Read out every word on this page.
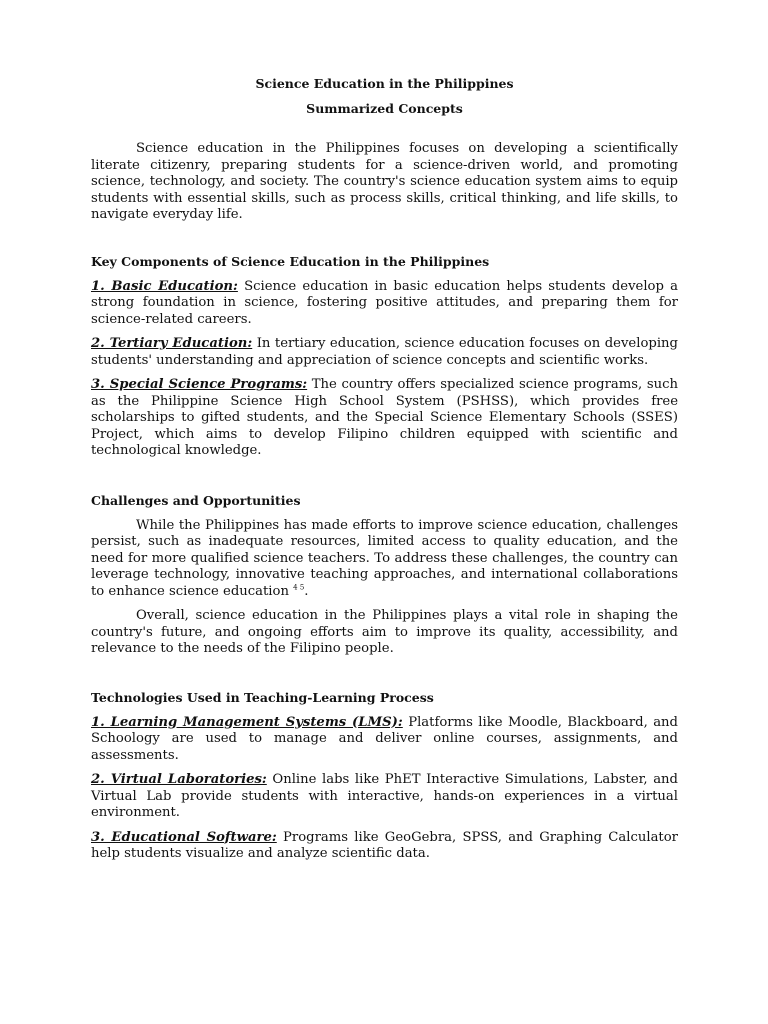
Science Education in the Philippines
Summarized Concepts

Science education in the Philippines focuses on developing a scientifically literate citizenry, preparing students for a science-driven world, and promoting science, technology, and society. The country's science education system aims to equip students with essential skills, such as process skills, critical thinking, and life skills, to navigate everyday life.

Key Components of Science Education in the Philippines

1. Basic Education: Science education in basic education helps students develop a strong foundation in science, fostering positive attitudes, and preparing them for science-related careers.

2. Tertiary Education: In tertiary education, science education focuses on developing students' understanding and appreciation of science concepts and scientific works.

3. Special Science Programs: The country offers specialized science programs, such as the Philippine Science High School System (PSHSS), which provides free scholarships to gifted students, and the Special Science Elementary Schools (SSES) Project, which aims to develop Filipino children equipped with scientific and technological knowledge.

Challenges and Opportunities

While the Philippines has made efforts to improve science education, challenges persist, such as inadequate resources, limited access to quality education, and the need for more qualified science teachers. To address these challenges, the country can leverage technology, innovative teaching approaches, and international collaborations to enhance science education $^{4 5}$.

Overall, science education in the Philippines plays a vital role in shaping the country's future, and ongoing efforts aim to improve its quality, accessibility, and relevance to the needs of the Filipino people.

Technologies Used in Teaching-Learning Process

1. Learning Management Systems (LMS): Platforms like Moodle, Blackboard, and Schoology are used to manage and deliver online courses, assignments, and assessments.

2. Virtual Laboratories: Online labs like PhET Interactive Simulations, Labster, and Virtual Lab provide students with interactive, hands-on experiences in a virtual environment.

3. Educational Software: Programs like GeoGebra, SPSS, and Graphing Calculator help students visualize and analyze scientific data.
